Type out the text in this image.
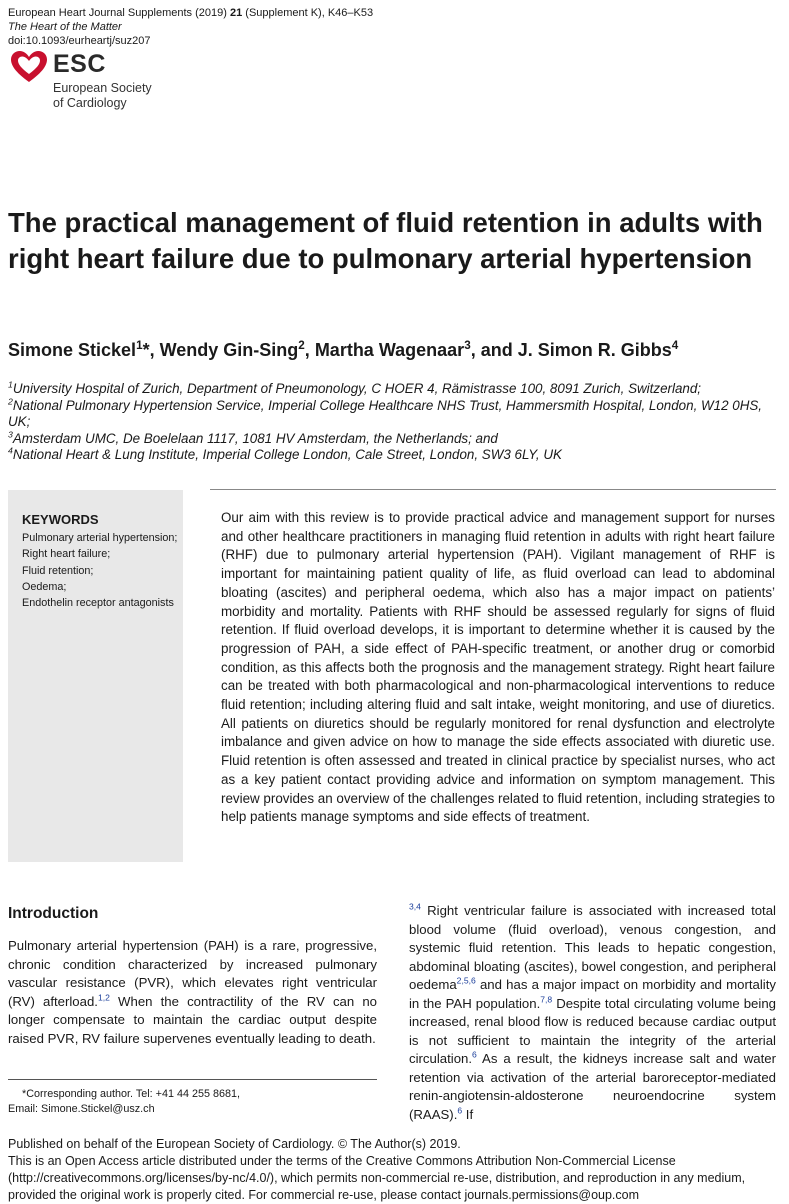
European Heart Journal Supplements (2019) 21 (Supplement K), K46–K53
The Heart of the Matter
doi:10.1093/eurheartj/suz207
ESC
European Society
of Cardiology
The practical management of fluid retention in adults with right heart failure due to pulmonary arterial hypertension
Simone Stickel$^1$*, Wendy Gin-Sing$^2$, Martha Wagenaar$^3$, and J. Simon R. Gibbs$^4$
$^1$University Hospital of Zurich, Department of Pneumonology, C HOER 4, Rämistrasse 100, 8091 Zurich, Switzerland;
$^2$National Pulmonary Hypertension Service, Imperial College Healthcare NHS Trust, Hammersmith Hospital, London, W12 0HS, UK;
$^3$Amsterdam UMC, De Boelelaan 1117, 1081 HV Amsterdam, the Netherlands; and
$^4$National Heart & Lung Institute, Imperial College London, Cale Street, London, SW3 6LY, UK
KEYWORDS
Pulmonary arterial hypertension;
Right heart failure;
Fluid retention;
Oedema;
Endothelin receptor antagonists
Our aim with this review is to provide practical advice and management support for nurses and other healthcare practitioners in managing fluid retention in adults with right heart failure (RHF) due to pulmonary arterial hypertension (PAH). Vigilant management of RHF is important for maintaining patient quality of life, as fluid overload can lead to abdominal bloating (ascites) and peripheral oedema, which also has a major impact on patients’ morbidity and mortality. Patients with RHF should be assessed regularly for signs of fluid retention. If fluid overload develops, it is important to determine whether it is caused by the progression of PAH, a side effect of PAH-specific treatment, or another drug or comorbid condition, as this affects both the prognosis and the management strategy. Right heart failure can be treated with both pharmacological and non-pharmacological interventions to reduce fluid retention; including altering fluid and salt intake, weight monitoring, and use of diuretics. All patients on diuretics should be regularly monitored for renal dysfunction and electrolyte imbalance and given advice on how to manage the side effects associated with diuretic use. Fluid retention is often assessed and treated in clinical practice by specialist nurses, who act as a key patient contact providing advice and information on symptom management. This review provides an overview of the challenges related to fluid retention, including strategies to help patients manage symptoms and side effects of treatment.
Introduction
Pulmonary arterial hypertension (PAH) is a rare, progressive, chronic condition characterized by increased pulmonary vascular resistance (PVR), which elevates right ventricular (RV) afterload.$^{1,2}$ When the contractility of the RV can no longer compensate to maintain the cardiac output despite raised PVR, RV failure supervenes eventually leading to death.
$^{3,4}$ Right ventricular failure is associated with increased total blood volume (fluid overload), venous congestion, and systemic fluid retention. This leads to hepatic congestion, abdominal bloating (ascites), bowel congestion, and peripheral oedema$^{2,5,6}$ and has a major impact on morbidity and mortality in the PAH population.$^{7,8}$ Despite total circulating volume being increased, renal blood flow is reduced because cardiac output is not sufficient to maintain the integrity of the arterial circulation.$^6$ As a result, the kidneys increase salt and water retention via activation of the arterial baroreceptor-mediated renin-angiotensin-aldosterone neuroendocrine system (RAAS).$^6$ If
*Corresponding author. Tel: +41 44 255 8681,
Email: Simone.Stickel@usz.ch
Published on behalf of the European Society of Cardiology. © The Author(s) 2019.
This is an Open Access article distributed under the terms of the Creative Commons Attribution Non-Commercial License (http://creativecommons.org/licenses/by-nc/4.0/), which permits non-commercial re-use, distribution, and reproduction in any medium, provided the original work is properly cited. For commercial re-use, please contact journals.permissions@oup.com
